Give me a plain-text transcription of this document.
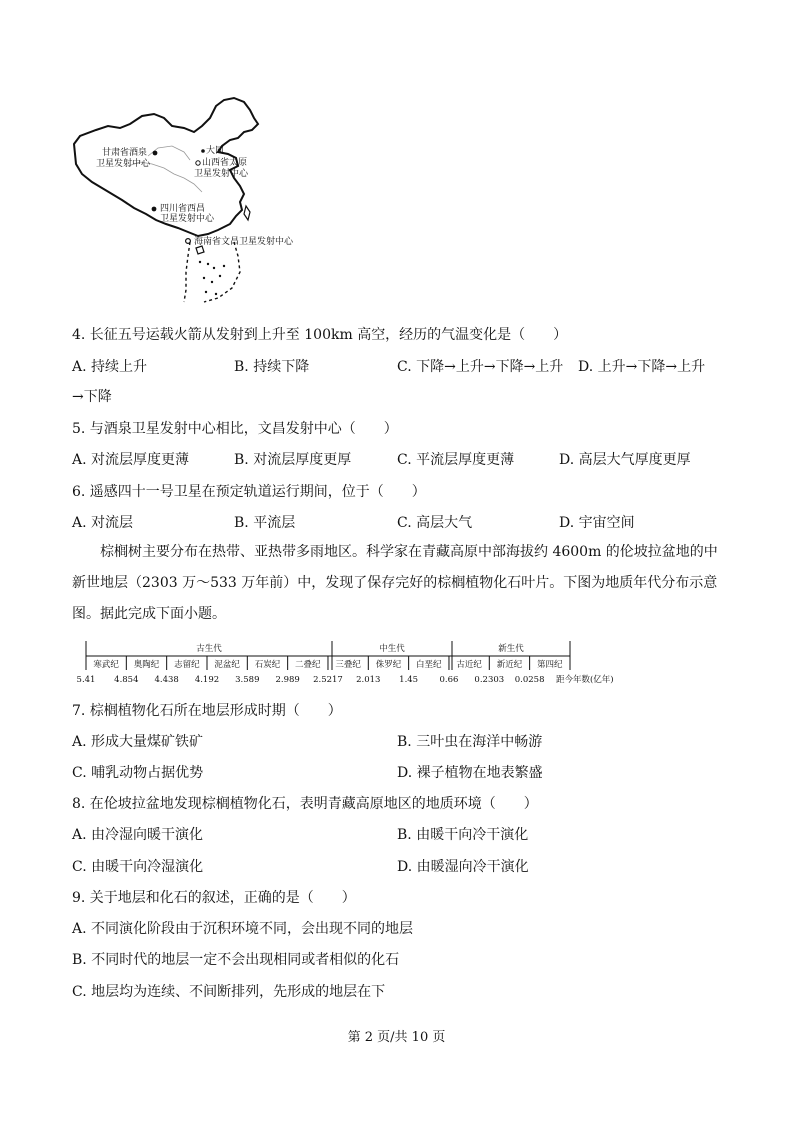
甘肃省酒泉
卫星发射中心
大同
山西省太原
卫星发射中心
四川省西昌
卫星发射中心
海南省文昌卫星发射中心
4. 长征五号运载火箭从发射到上升至 100km 高空，经历的气温变化是（　　）
A. 持续上升	B. 持续下降	C. 下降→上升→下降→上升 D. 上升→下降→上升
→下降
5. 与酒泉卫星发射中心相比，文昌发射中心（　　）
A. 对流层厚度更薄	B. 对流层厚度更厚	C. 平流层厚度更薄	D. 高层大气厚度更厚
6. 遥感四十一号卫星在预定轨道运行期间，位于（　　）
A. 对流层	B. 平流层	C. 高层大气	D. 宇宙空间
棕榈树主要分布在热带、亚热带多雨地区。科学家在青藏高原中部海拔约 4600m 的伦坡拉盆地的中新世地层（2303 万～533 万年前）中，发现了保存完好的棕榈植物化石叶片。下图为地质年代分布示意图。据此完成下面小题。
古生代	中生代	新生代
寒武纪 奥陶纪 志留纪 泥盆纪 石炭纪 二叠纪 三叠纪 侏罗纪 白垩纪 古近纪 新近纪 第四纪
5.41 4.854 4.438 4.192 3.589 2.989 2.5217 2.013 1.45	0.66 0.2303 0.0258 距今年数(亿年)
7. 棕榈植物化石所在地层形成时期（　　）
A. 形成大量煤矿铁矿	B. 三叶虫在海洋中畅游
C. 哺乳动物占据优势	D. 裸子植物在地表繁盛
8. 在伦坡拉盆地发现棕榈植物化石，表明青藏高原地区的地质环境（　　）
A. 由冷湿向暖干演化	B. 由暖干向冷干演化
C. 由暖干向冷湿演化	D. 由暖湿向冷干演化
9. 关于地层和化石的叙述，正确的是（　　）
A. 不同演化阶段由于沉积环境不同，会出现不同的地层
B. 不同时代的地层一定不会出现相同或者相似的化石
C. 地层均为连续、不间断排列，先形成的地层在下
第 2 页/共 10 页
